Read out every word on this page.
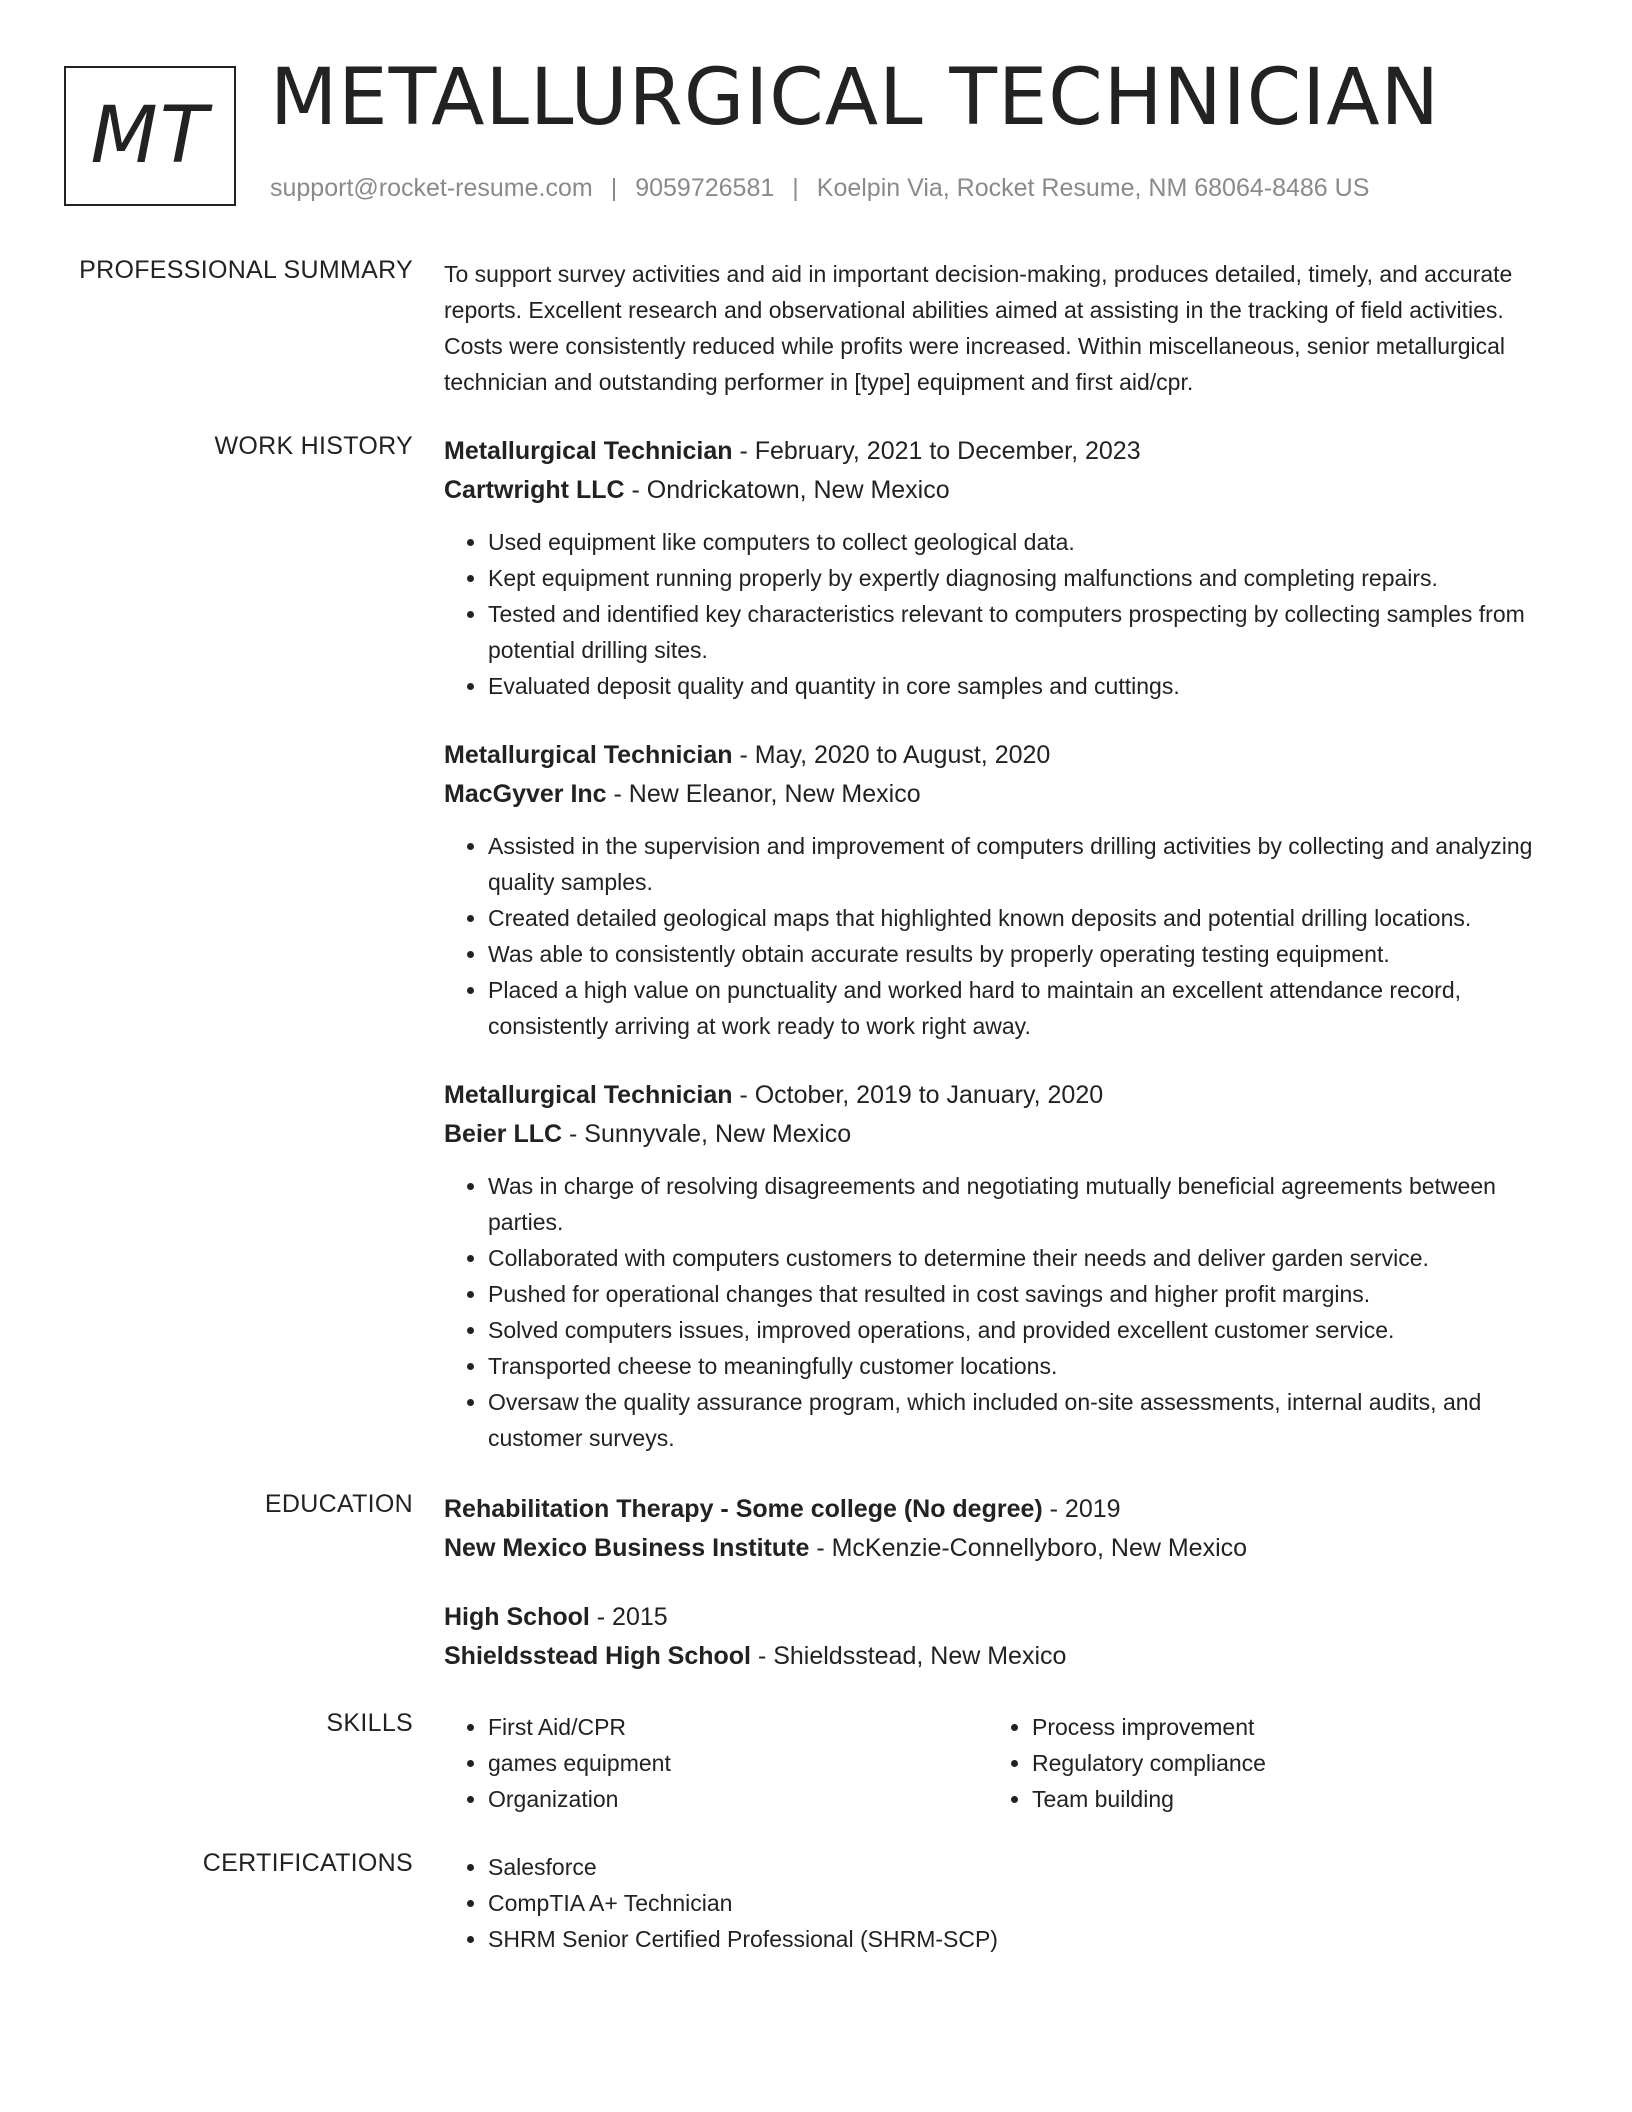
MT METALLURGICAL TECHNICIAN
support@rocket-resume.com | 9059726581 | Koelpin Via, Rocket Resume, NM 68064-8486 US
PROFESSIONAL SUMMARY To support survey activities and aid in important decision-making, produces detailed, timely, and accurate reports. Excellent research and observational abilities aimed at assisting in the tracking of field activities. Costs were consistently reduced while profits were increased. Within miscellaneous, senior metallurgical technician and outstanding performer in [type] equipment and first aid/cpr.

WORK HISTORY Metallurgical Technician - February, 2021 to December, 2023
Cartwright LLC - Ondrickatown, New Mexico
• Used equipment like computers to collect geological data.
• Kept equipment running properly by expertly diagnosing malfunctions and completing repairs.
• Tested and identified key characteristics relevant to computers prospecting by collecting samples from potential drilling sites.
• Evaluated deposit quality and quantity in core samples and cuttings.
Metallurgical Technician - May, 2020 to August, 2020
MacGyver Inc - New Eleanor, New Mexico
• Assisted in the supervision and improvement of computers drilling activities by collecting and analyzing quality samples.
• Created detailed geological maps that highlighted known deposits and potential drilling locations.
• Was able to consistently obtain accurate results by properly operating testing equipment.
• Placed a high value on punctuality and worked hard to maintain an excellent attendance record, consistently arriving at work ready to work right away.
Metallurgical Technician - October, 2019 to January, 2020
Beier LLC - Sunnyvale, New Mexico
• Was in charge of resolving disagreements and negotiating mutually beneficial agreements between parties.
• Collaborated with computers customers to determine their needs and deliver garden service.
• Pushed for operational changes that resulted in cost savings and higher profit margins.
• Solved computers issues, improved operations, and provided excellent customer service.
• Transported cheese to meaningfully customer locations.
• Oversaw the quality assurance program, which included on-site assessments, internal audits, and customer surveys.
EDUCATION Rehabilitation Therapy - Some college (No degree) - 2019
New Mexico Business Institute - McKenzie-Connellyboro, New Mexico
High School - 2015
Shieldsstead High School - Shieldsstead, New Mexico
SKILLS	• First Aid/CPR
• games equipment
• Organization
• Process improvement
• Regulatory compliance
• Team building
CERTIFICATIONS	• Salesforce
• CompTIA A+ Technician
• SHRM Senior Certified Professional (SHRM-SCP)
